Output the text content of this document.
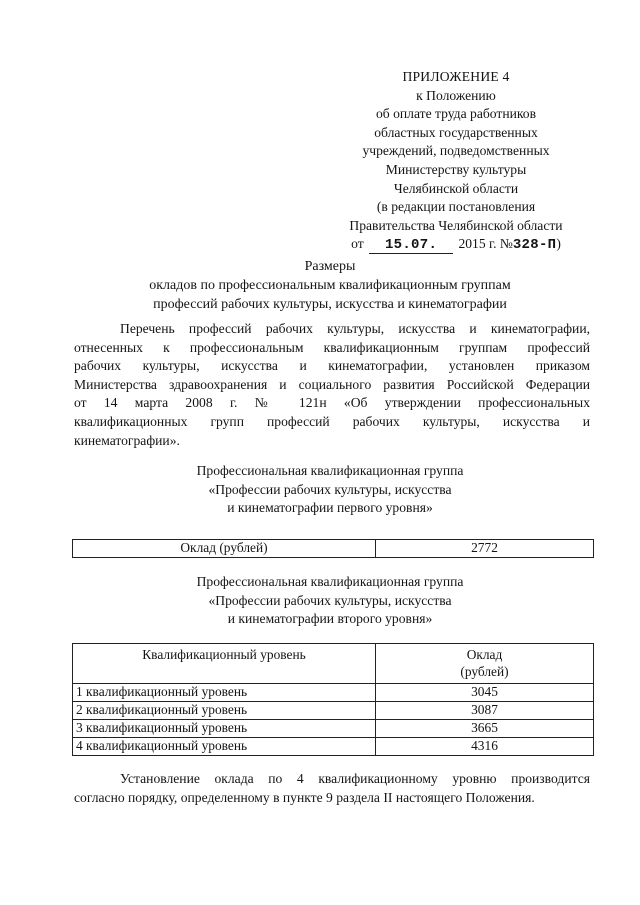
ПРИЛОЖЕНИЕ 4
к Положению
об оплате труда работников
областных государственных
учреждений, подведомственных
Министерству культуры
Челябинской области
(в редакции постановления
Правительства Челябинской области
от 15.07. 2015 г. №328-П)
Размеры
окладов по профессиональным квалификационным группам
профессий рабочих культуры, искусства и кинематографии
Перечень профессий рабочих культуры, искусства и кинематографии,
отнесенных к профессиональным квалификационным группам профессий
рабочих культуры, искусства и кинематографии, установлен приказом
Министерства здравоохранения и социального развития Российской Федерации
от 14 марта 2008 г. № 121н «Об утверждении профессиональных
квалификационных групп профессий рабочих культуры, искусства и
кинематографии».
Профессиональная квалификационная группа
«Профессии рабочих культуры, искусства
и кинематографии первого уровня»
Оклад (рублей)	2772
Профессиональная квалификационная группа
«Профессии рабочих культуры, искусства
и кинематографии второго уровня»
Квалификационный уровень	Оклад
(рублей)

1 квалификационный уровень	3045
2 квалификационный уровень	3087
3 квалификационный уровень	3665
4 квалификационный уровень	4316
Установление оклада по 4 квалификационному уровню производится
согласно порядку, определенному в пункте 9 раздела II настоящего Положения.
